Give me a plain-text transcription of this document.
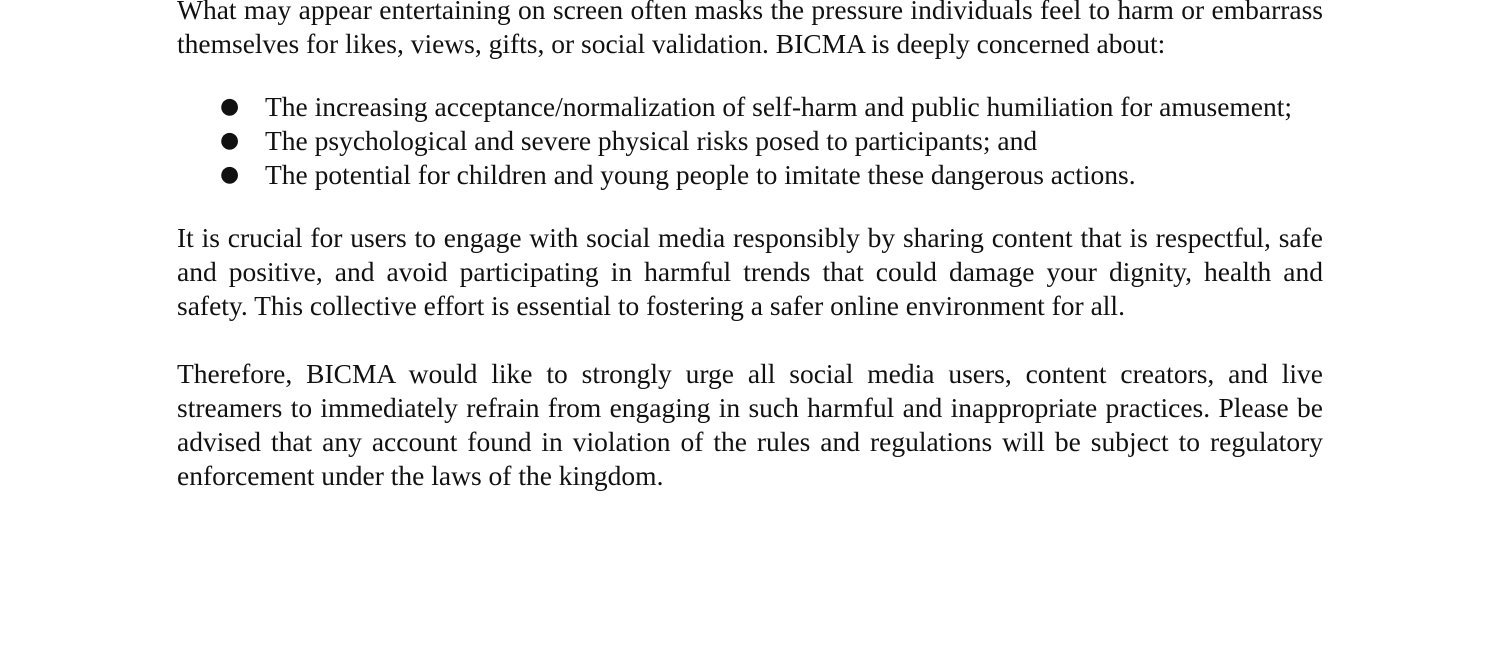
What may appear entertaining on screen often masks the pressure individuals feel to harm or embarrass themselves for likes, views, gifts, or social validation. BICMA is deeply concerned about:

● The increasing acceptance/normalization of self-harm and public humiliation for amusement;
● The psychological and severe physical risks posed to participants; and
● The potential for children and young people to imitate these dangerous actions.

It is crucial for users to engage with social media responsibly by sharing content that is respectful, safe and positive, and avoid participating in harmful trends that could damage your dignity, health and safety. This collective effort is essential to fostering a safer online environment for all.

Therefore, BICMA would like to strongly urge all social media users, content creators, and live streamers to immediately refrain from engaging in such harmful and inappropriate practices. Please be advised that any account found in violation of the rules and regulations will be subject to regulatory enforcement under the laws of the kingdom.
